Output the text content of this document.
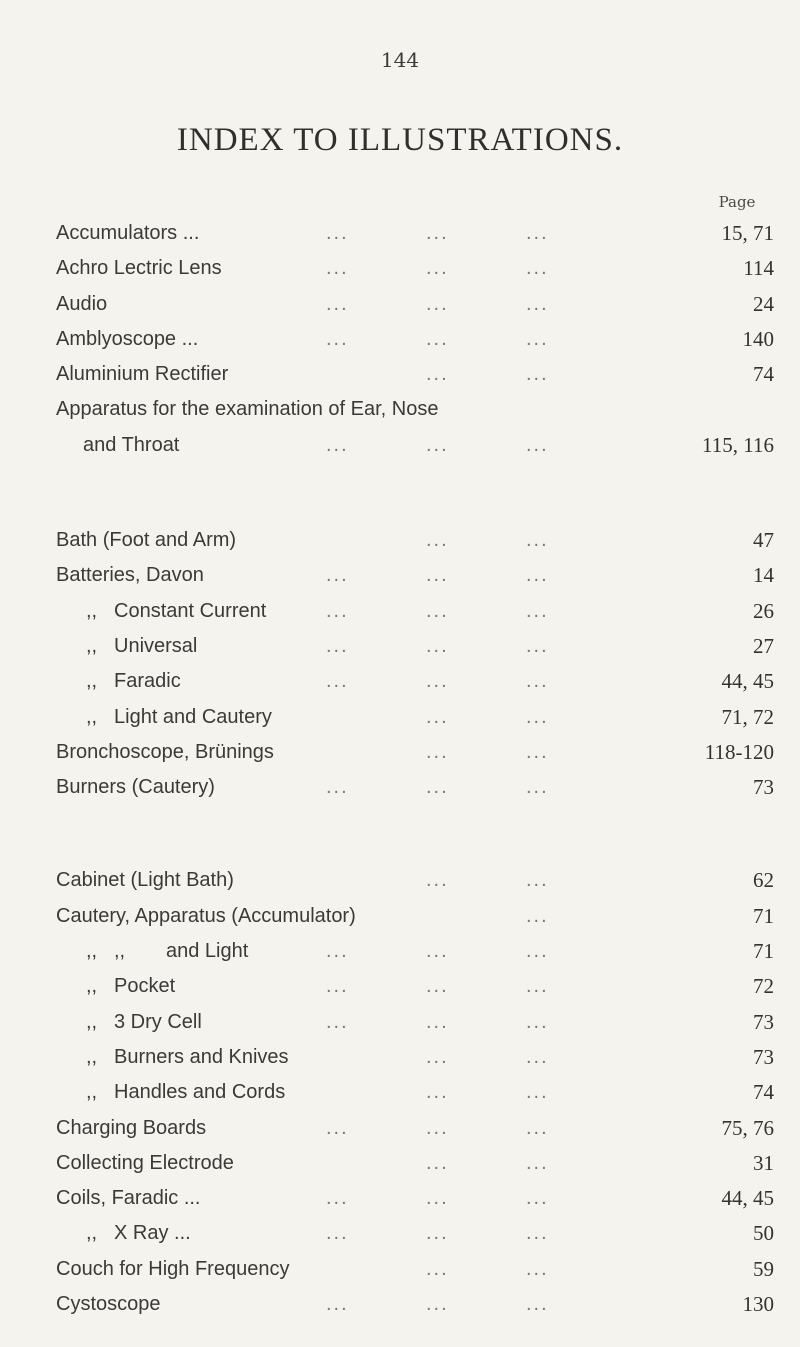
144
INDEX TO ILLUSTRATIONS.
Page
Accumulators ...	...	...	...	15, 71
Achro Lectric Lens	...	...	...	114
Audio	...	...	...	24
Amblyoscope ...	...	...	...	140
Aluminium Rectifier	...	...	74
Apparatus for the examination of Ear, Nose
and Throat	...	...	...	115, 116
Bath (Foot and Arm)	...	...	47
Batteries, Davon	...	...	...	14
,, Constant Current	...	...	...	26
,, Universal	...	...	...	27
,, Faradic	...	...	...	44, 45
,, Light and Cautery	...	...	71, 72
Bronchoscope, Brünings	...	...	118-120
Burners (Cautery)	...	...	...	73
Cabinet (Light Bath)	...	...	62
Cautery, Apparatus (Accumulator)	...	71
,, ,, and Light	...	...	...	71
,, Pocket	...	...	...	72
,, 3 Dry Cell	...	...	...	73
,, Burners and Knives	...	...	73
,, Handles and Cords	...	...	74
Charging Boards	...	...	...	75, 76
Collecting Electrode	...	...	31
Coils, Faradic ...	...	...	...	44, 45
,, X Ray ...	...	...	...	50
Couch for High Frequency	...	...	59
Cystoscope	...	...	...	130
